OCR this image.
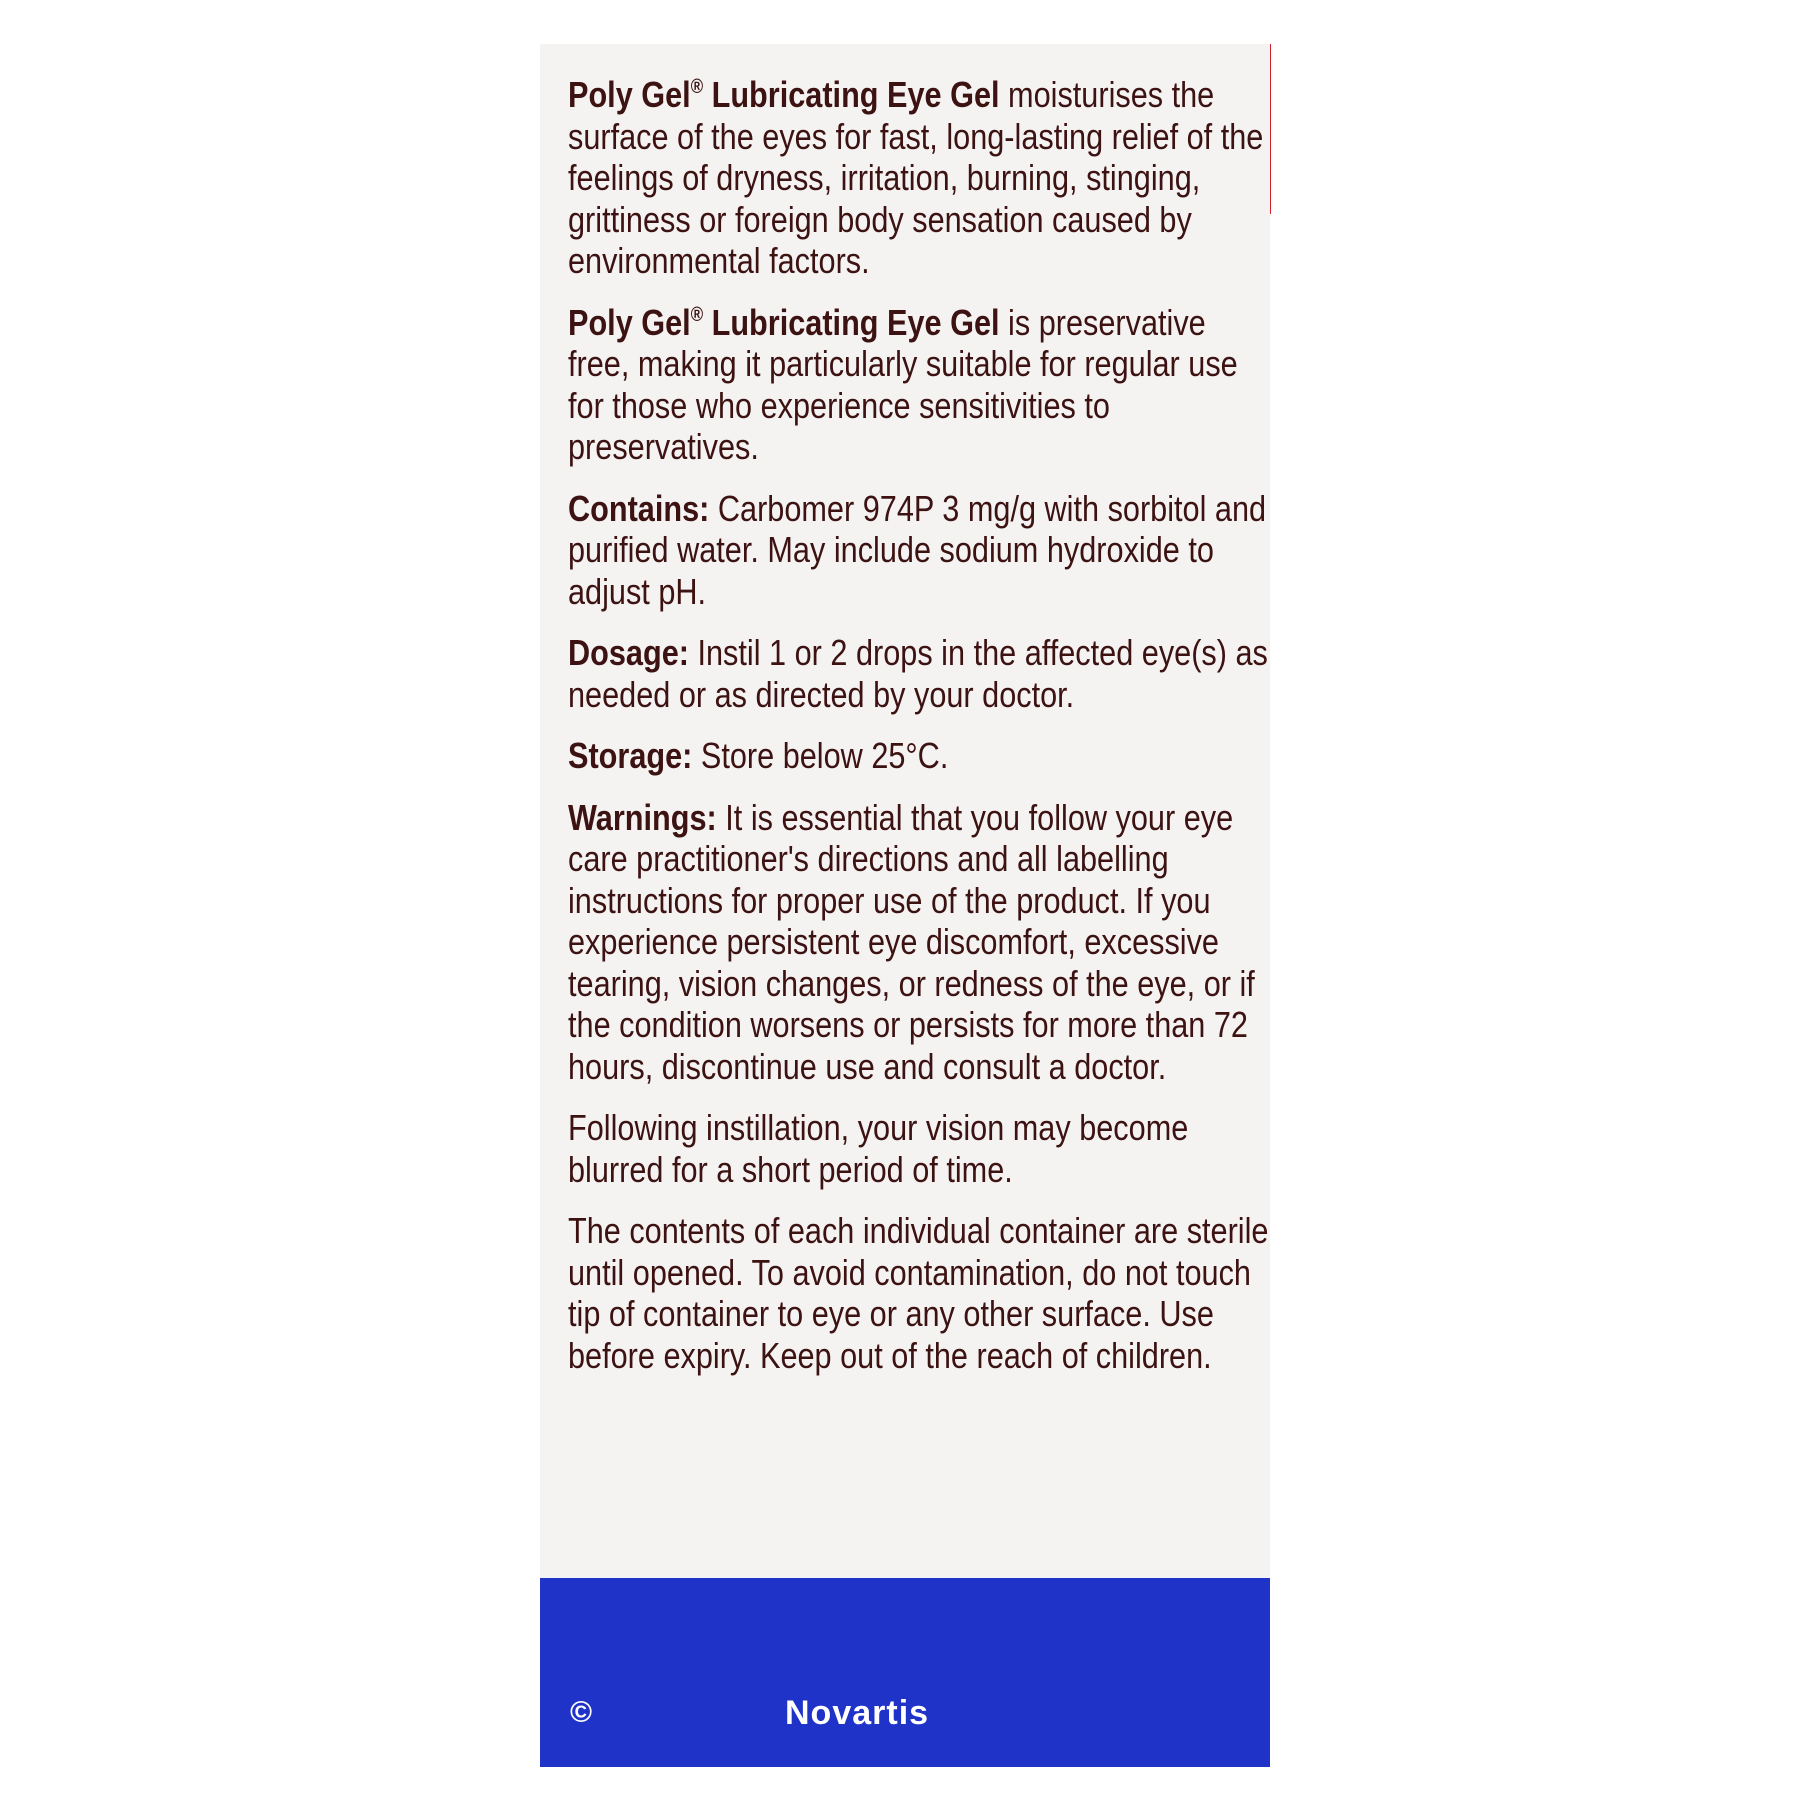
Poly Gel® Lubricating Eye Gel moisturises the surface of the eyes for fast, long-lasting relief of the feelings of dryness, irritation, burning, stinging, grittiness or foreign body sensation caused by environmental factors.

Poly Gel® Lubricating Eye Gel is preservative free, making it particularly suitable for regular use for those who experience sensitivities to preservatives.

Contains: Carbomer 974P 3 mg/g with sorbitol and purified water. May include sodium hydroxide to adjust pH.

Dosage: Instil 1 or 2 drops in the affected eye(s) as needed or as directed by your doctor.

Storage: Store below 25°C.

Warnings: It is essential that you follow your eye care practitioner's directions and all labelling instructions for proper use of the product. If you experience persistent eye discomfort, excessive tearing, vision changes, or redness of the eye, or if the condition worsens or persists for more than 72 hours, discontinue use and consult a doctor.

Following instillation, your vision may become blurred for a short period of time.

The contents of each individual container are sterile until opened. To avoid contamination, do not touch tip of container to eye or any other surface. Use before expiry. Keep out of the reach of children.

©	Novartis
